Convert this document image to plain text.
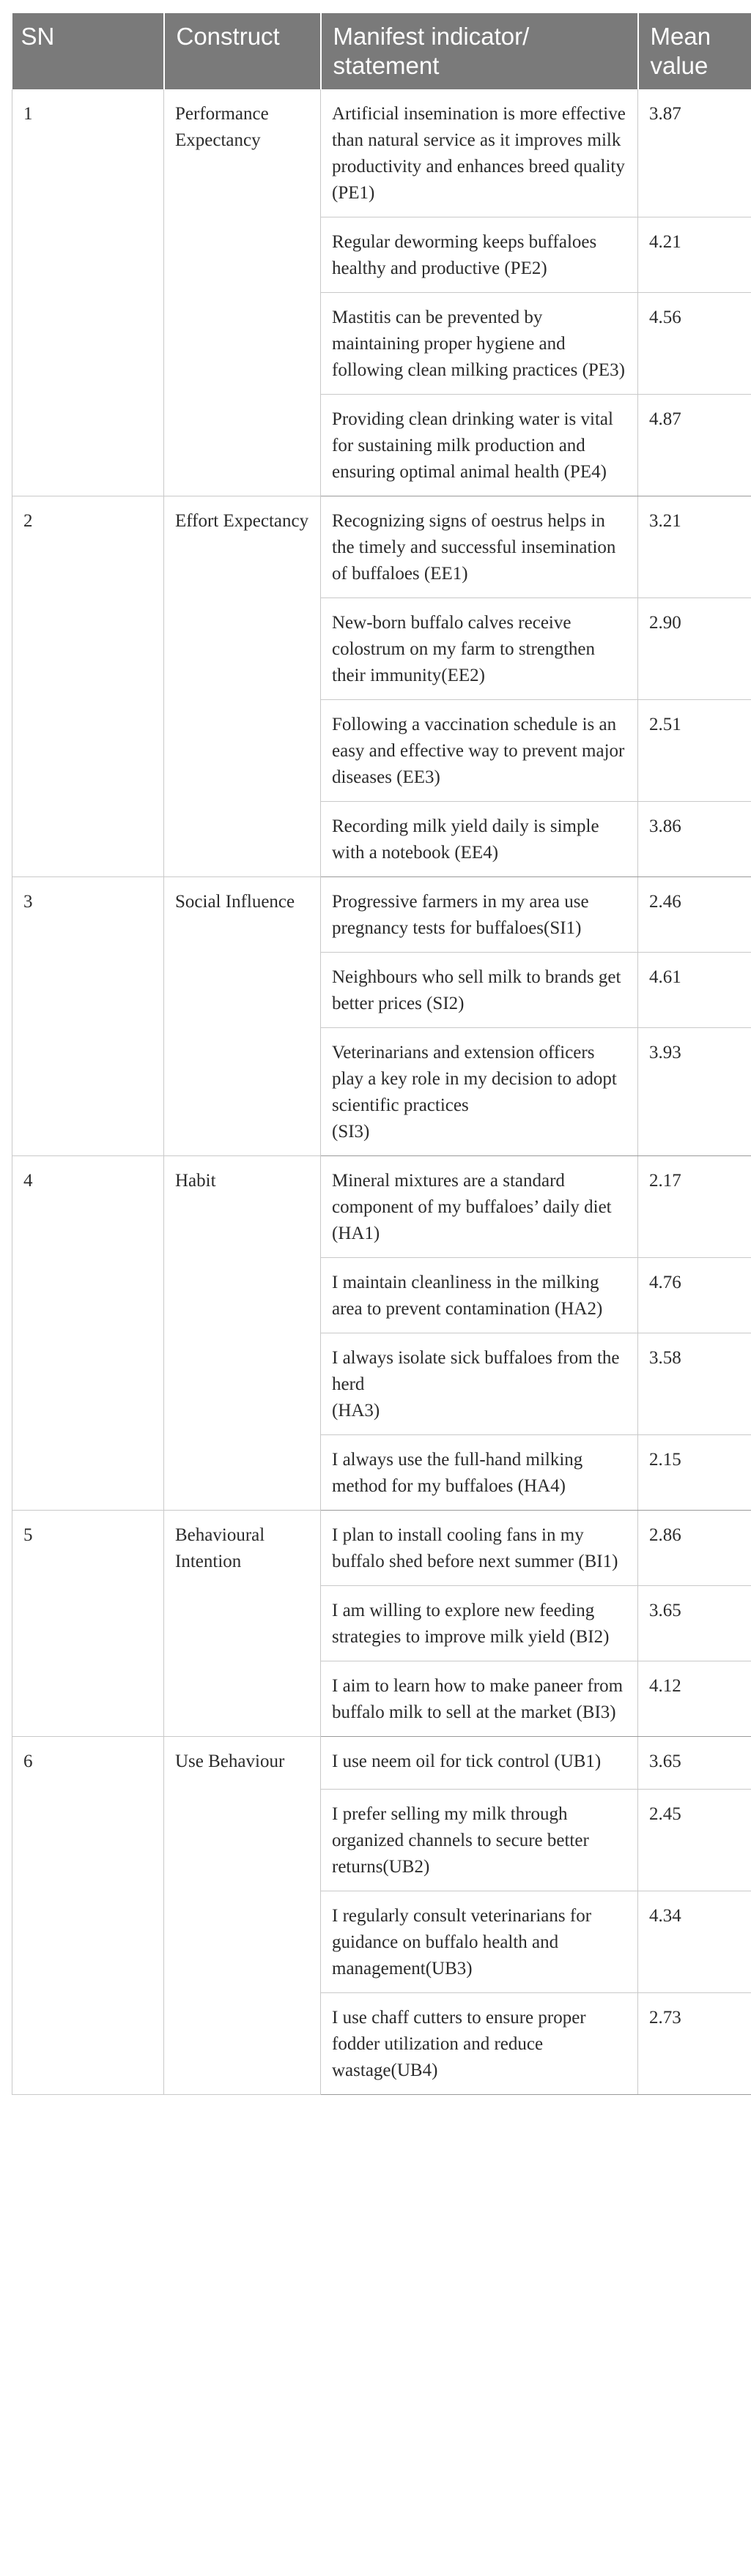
SN	Construct	Manifest indicator/ statement	Mean value
1	Performance Expectancy	Artificial insemination is more effective than natural service as it improves milk productivity and enhances breed quality (PE1)	3.87
		Regular deworming keeps buffaloes healthy and productive (PE2)	4.21
		Mastitis can be prevented by maintaining proper hygiene and following clean milking practices (PE3)	4.56
		Providing clean drinking water is vital for sustaining milk production and ensuring optimal animal health (PE4)	4.87
2	Effort Expectancy	Recognizing signs of oestrus helps in the timely and successful insemination of buffaloes (EE1)	3.21
		New-born buffalo calves receive colostrum on my farm to strengthen their immunity(EE2)	2.90
		Following a vaccination schedule is an easy and effective way to prevent major diseases (EE3)	2.51
		Recording milk yield daily is simple with a notebook (EE4)	3.86
3	Social Influence	Progressive farmers in my area use pregnancy tests for buffaloes(SI1)	2.46
		Neighbours who sell milk to brands get better prices (SI2)	4.61
		Veterinarians and extension officers play a key role in my decision to adopt scientific practices
(SI3)	3.93
4	Habit	Mineral mixtures are a standard component of my buffaloes’ daily diet (HA1)	2.17
		I maintain cleanliness in the milking area to prevent contamination (HA2)	4.76
		I always isolate sick buffaloes from the herd
(HA3)	3.58
		I always use the full-hand milking method for my buffaloes (HA4)	2.15
5	Behavioural Intention	I plan to install cooling fans in my buffalo shed before next summer (BI1)	2.86
		I am willing to explore new feeding strategies to improve milk yield (BI2)	3.65
		I aim to learn how to make paneer from buffalo milk to sell at the market (BI3)	4.12
6	Use Behaviour	I use neem oil for tick control (UB1)	3.65
		I prefer selling my milk through organized channels to secure better returns(UB2)	2.45
		I regularly consult veterinarians for guidance on buffalo health and management(UB3)	4.34
		I use chaff cutters to ensure proper fodder utilization and reduce wastage(UB4)	2.73
